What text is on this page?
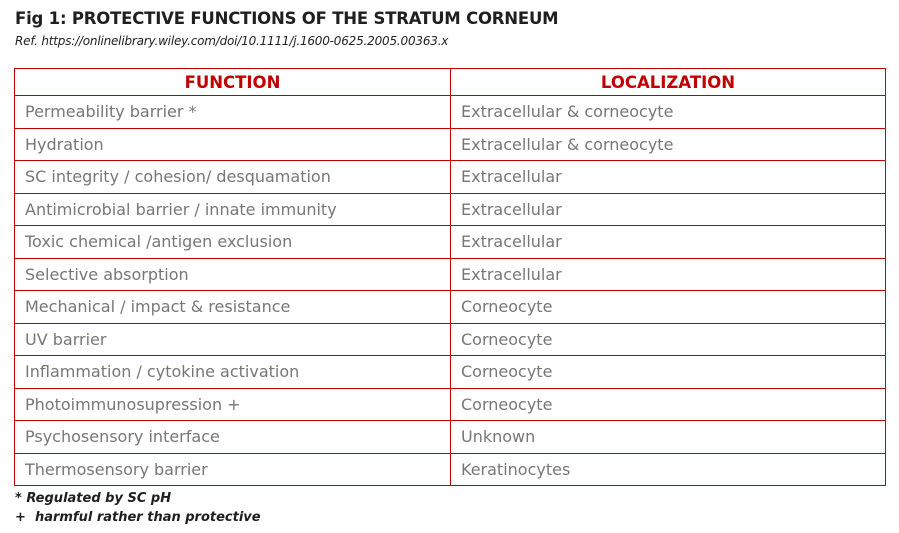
Fig 1: PROTECTIVE FUNCTIONS OF THE STRATUM CORNEUM
Ref. https://onlinelibrary.wiley.com/doi/10.1111/j.1600-0625.2005.00363.x
FUNCTION	LOCALIZATION
Permeability barrier *	Extracellular & corneocyte
Hydration	Extracellular & corneocyte
SC integrity / cohesion/ desquamation	Extracellular
Antimicrobial barrier / innate immunity	Extracellular
Toxic chemical /antigen exclusion	Extracellular
Selective absorption	Extracellular
Mechanical / impact & resistance	Corneocyte
UV barrier	Corneocyte
Inflammation / cytokine activation	Corneocyte
Photoimmunosupression +	Corneocyte
Psychosensory interface	Unknown
Thermosensory barrier	Keratinocytes
* Regulated by SC pH
+  harmful rather than protective
